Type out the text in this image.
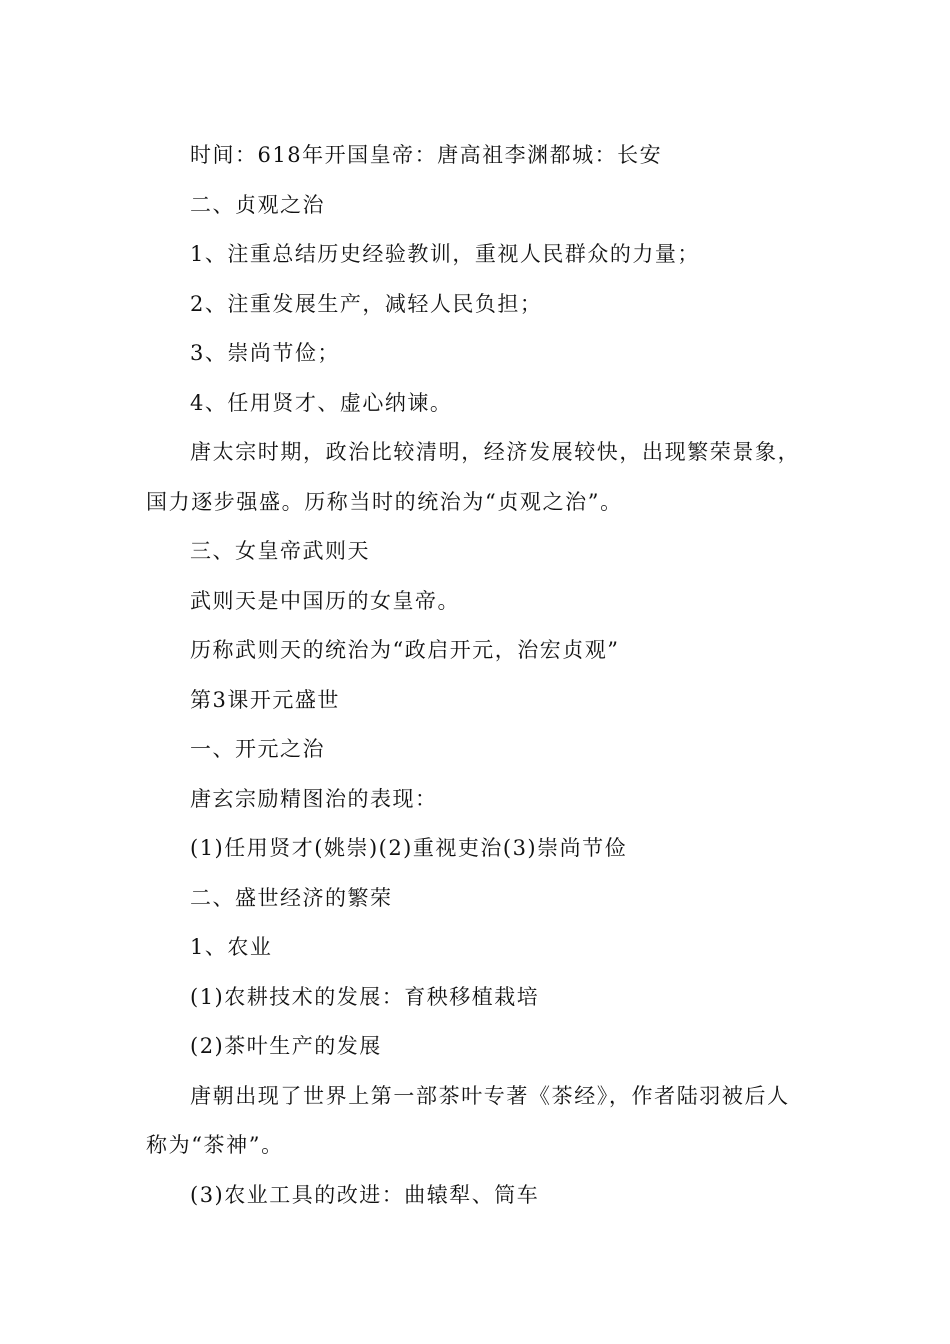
时间：618年开国皇帝：唐高祖李渊都城：长安

二、贞观之治

1、注重总结历史经验教训，重视人民群众的力量；

2、注重发展生产，减轻人民负担；

3、崇尚节俭；

4、任用贤才、虚心纳谏。

唐太宗时期，政治比较清明，经济发展较快，出现繁荣景象，国力逐步强盛。历称当时的统治为“贞观之治”。

三、女皇帝武则天

武则天是中国历的女皇帝。

历称武则天的统治为“政启开元，治宏贞观”

第3课开元盛世

一、开元之治

唐玄宗励精图治的表现：

(1)任用贤才(姚崇)(2)重视吏治(3)崇尚节俭

二、盛世经济的繁荣

1、农业

(1)农耕技术的发展：育秧移植栽培

(2)茶叶生产的发展

唐朝出现了世界上第一部茶叶专著《茶经》，作者陆羽被后人称为“茶神”。

(3)农业工具的改进：曲辕犁、筒车
